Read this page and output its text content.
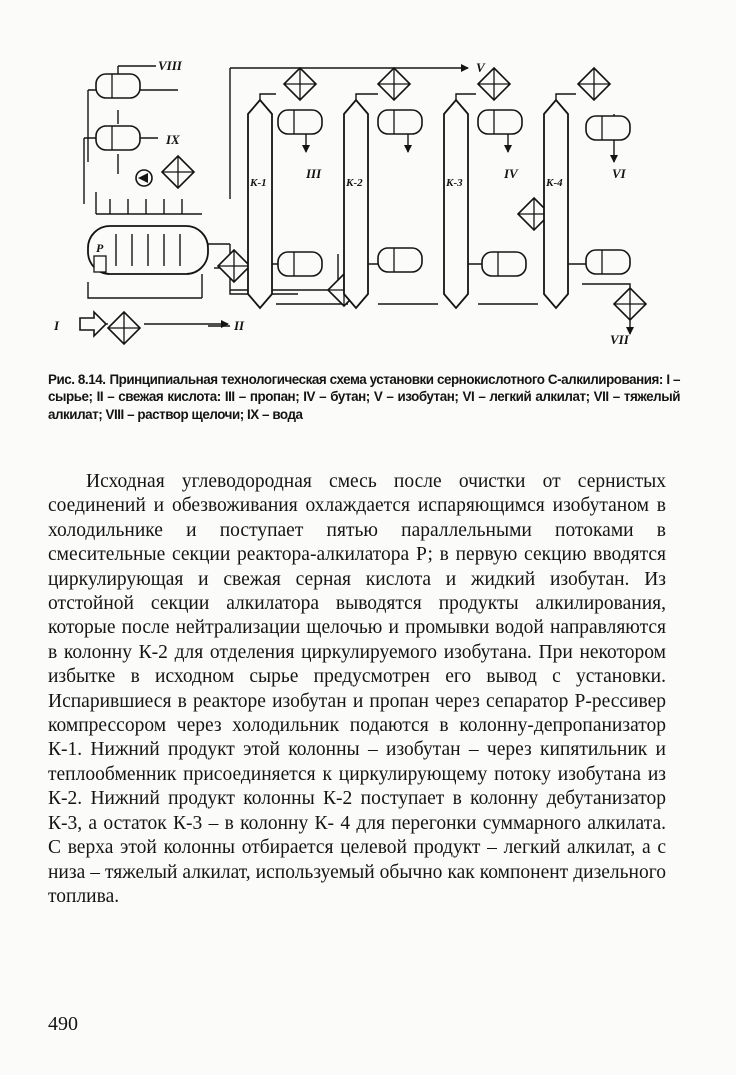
VIII	V
IX
III	IV	VI
I	II
VII
К-1	К-2	К-3	К-4
Р

Рис. 8.14. Принципиальная технологическая схема установки сернокислотного С-алкилирования: I – сырье; II – свежая кислота: III – пропан; IV – бутан; V – изобутан; VI – легкий алкилат; VII – тяжелый алкилат; VIII – раствор щелочи; IX – вода

Исходная углеводородная смесь после очистки от сернистых соединений и обезвоживания охлаждается испаряющимся изобутаном в холодильнике и поступает пятью параллельными потоками в смесительные секции реактора-алкилатора Р; в первую секцию вводятся циркулирующая и свежая серная кислота и жидкий изобутан. Из отстойной секции алкилатора выводятся продукты алкилирования, которые после нейтрализации щелочью и промывки водой направляются в колонну К-2 для отделения циркулируемого изобутана. При некотором избытке в исходном сырье предусмотрен его вывод с установки. Испарившиеся в реакторе изобутан и пропан через сепаратор Р-рессивер компрессором через холодильник подаются в колонну-депропанизатор К-1. Нижний продукт этой колонны – изобутан – через кипятильник и теплообменник присоединяется к циркулирующему потоку изобутана из К-2. Нижний продукт колонны К-2 поступает в колонну дебутанизатор К-3, а остаток К-3 – в колонну К- 4 для перегонки суммарного алкилата. С верха этой колонны отбирается целевой продукт – легкий алкилат, а с низа – тяжелый алкилат, используемый обычно как компонент дизельного топлива.

490
